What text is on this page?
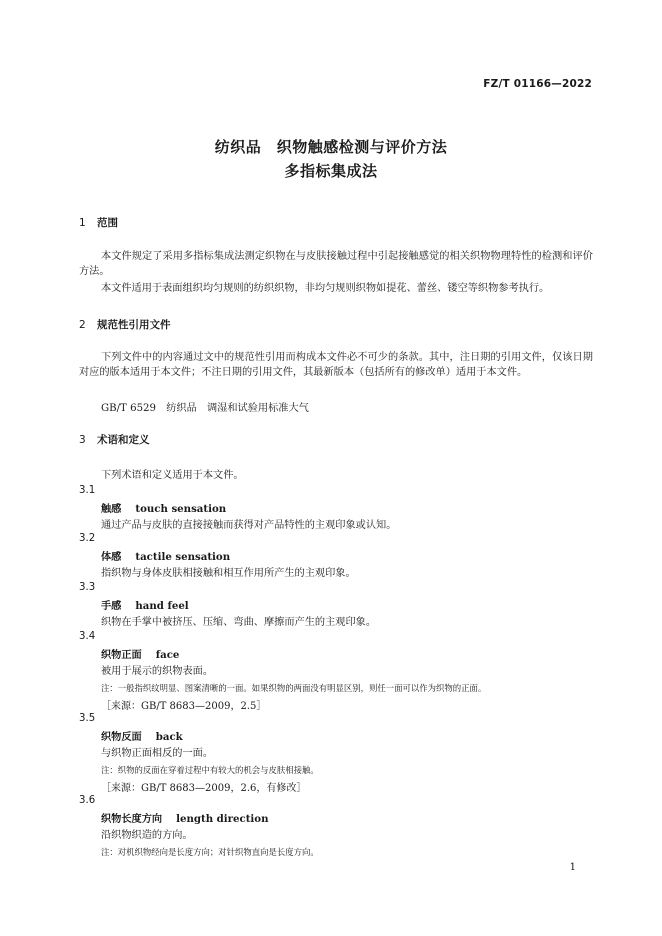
FZ/T 01166—2022
纺织品　织物触感检测与评价方法
多指标集成法
1 范围
本文件规定了采用多指标集成法测定织物在与皮肤接触过程中引起接触感觉的相关织物物理特性的检测和评价方法。
本文件适用于表面组织均匀规则的纺织织物，非均匀规则织物如提花、蕾丝、镂空等织物参考执行。
2 规范性引用文件
下列文件中的内容通过文中的规范性引用而构成本文件必不可少的条款。其中，注日期的引用文件，仅该日期对应的版本适用于本文件；不注日期的引用文件，其最新版本（包括所有的修改单）适用于本文件。
GB/T 6529　纺织品　调湿和试验用标准大气
3 术语和定义
下列术语和定义适用于本文件。
3.1
触感 touch sensation
通过产品与皮肤的直接接触而获得对产品特性的主观印象或认知。
3.2
体感 tactile sensation
指织物与身体皮肤相接触和相互作用所产生的主观印象。
3.3
手感 hand feel
织物在手掌中被挤压、压缩、弯曲、摩擦而产生的主观印象。
3.4
织物正面 face
被用于展示的织物表面。
注：一般指织纹明显、图案清晰的一面。如果织物的两面没有明显区别，则任一面可以作为织物的正面。
［来源：GB/T 8683—2009，2.5］
3.5
织物反面 back
与织物正面相反的一面。
注：织物的反面在穿着过程中有较大的机会与皮肤相接触。
［来源：GB/T 8683—2009，2.6，有修改］
3.6
织物长度方向 length direction
沿织物织造的方向。
注：对机织物经向是长度方向；对针织物直向是长度方向。
1
